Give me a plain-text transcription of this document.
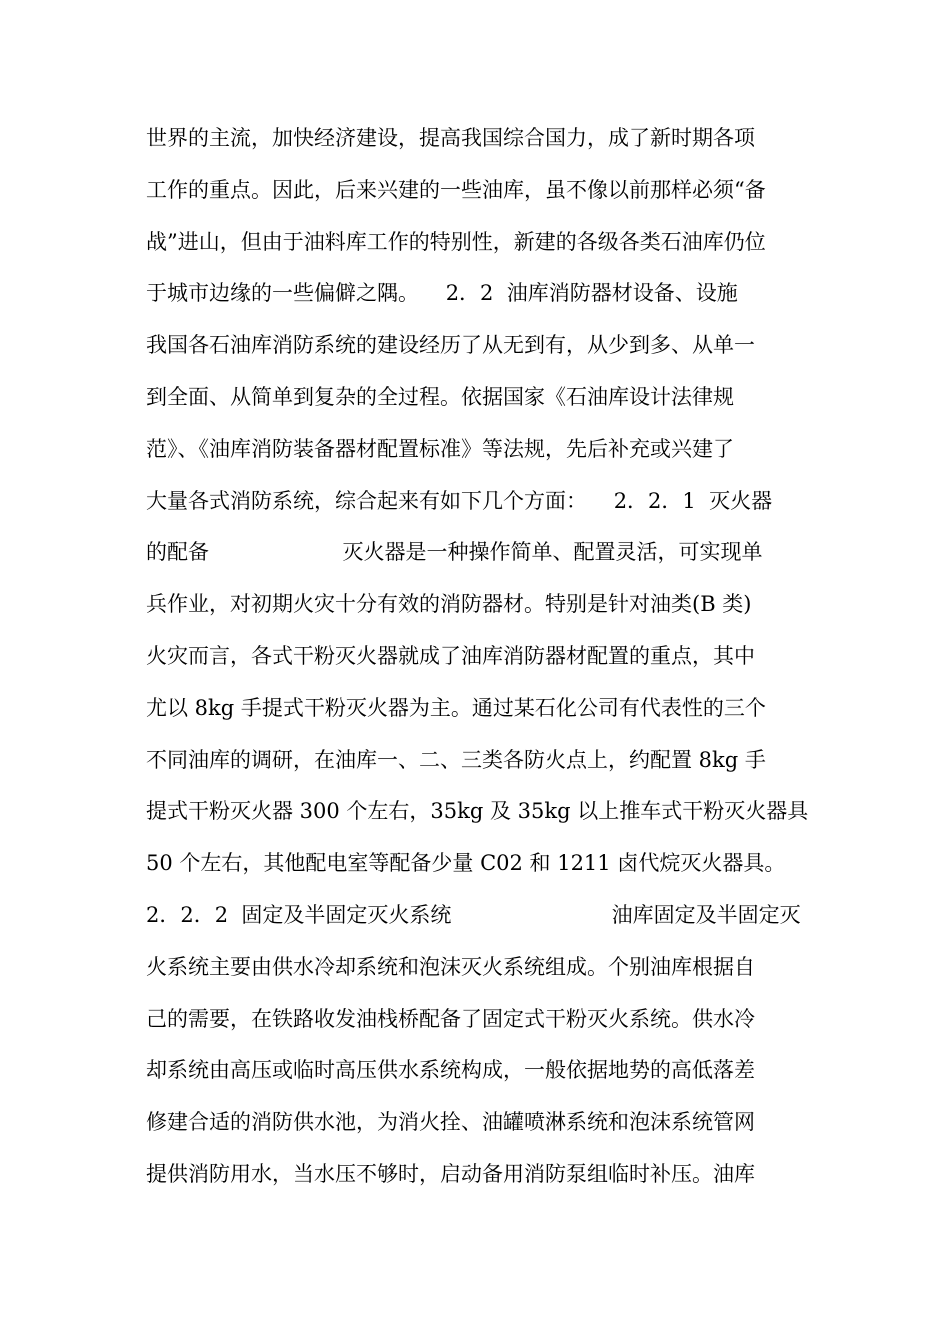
世界的主流，加快经济建设，提高我国综合国力，成了新时期各项
工作的重点。因此，后来兴建的一些油库，虽不像以前那样必须“备
战”进山，但由于油料库工作的特别性，新建的各级各类石油库仍位
于城市边缘的一些偏僻之隅。    2．2  油库消防器材设备、设施
我国各石油库消防系统的建设经历了从无到有，从少到多、从单一
到全面、从简单到复杂的全过程。依据国家《石油库设计法律规
范》、《油库消防装备器材配置标准》等法规，先后补充或兴建了
大量各式消防系统，综合起来有如下几个方面：    2．2．1  灭火器
的配备                    灭火器是一种操作简单、配置灵活，可实现单
兵作业，对初期火灾十分有效的消防器材。特别是针对油类(B 类)
火灾而言，各式干粉灭火器就成了油库消防器材配置的重点，其中
尤以 8kg 手提式干粉灭火器为主。通过某石化公司有代表性的三个
不同油库的调研，在油库一、二、三类各防火点上，约配置 8kg 手
提式干粉灭火器 300 个左右，35kg 及 35kg 以上推车式干粉灭火器具
50 个左右，其他配电室等配备少量 C02 和 1211 卤代烷灭火器具。
2．2．2  固定及半固定灭火系统                        油库固定及半固定灭
火系统主要由供水冷却系统和泡沫灭火系统组成。个别油库根据自
己的需要，在铁路收发油栈桥配备了固定式干粉灭火系统。供水冷
却系统由高压或临时高压供水系统构成，一般依据地势的高低落差
修建合适的消防供水池，为消火拴、油罐喷淋系统和泡沫系统管网
提供消防用水，当水压不够时，启动备用消防泵组临时补压。油库
